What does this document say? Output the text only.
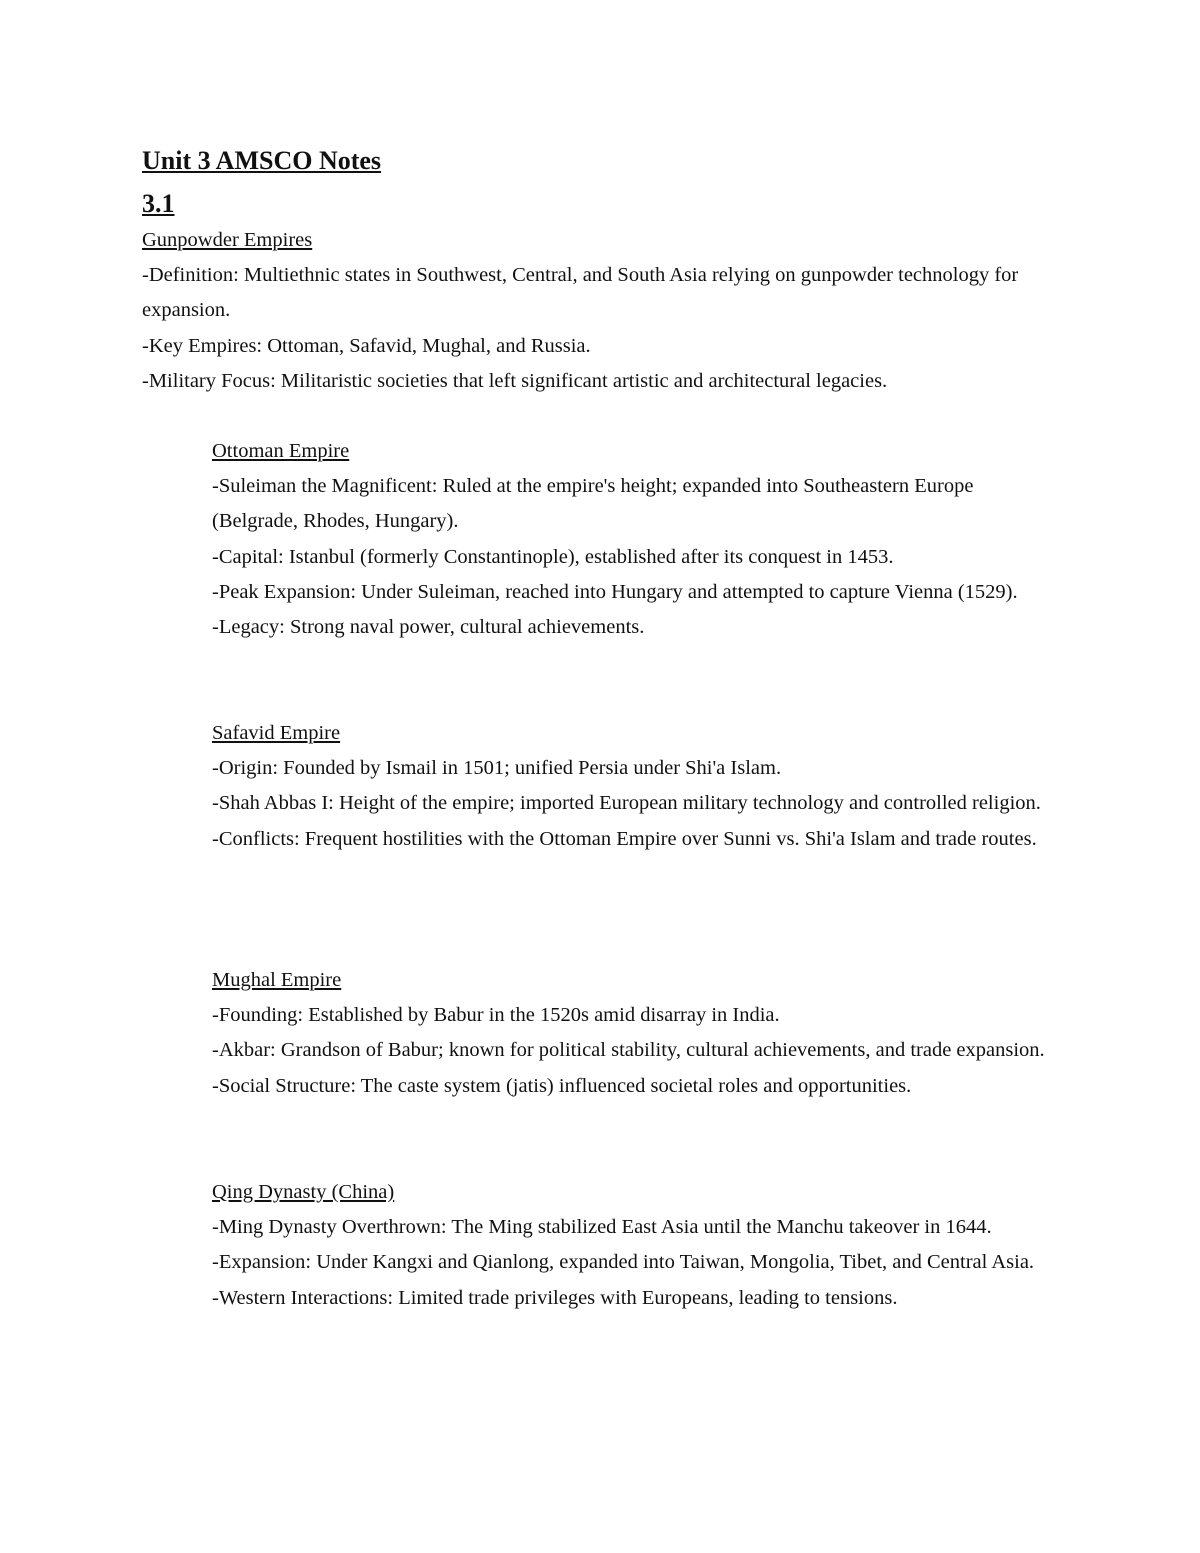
Unit 3 AMSCO Notes
3.1
Gunpowder Empires
-Definition: Multiethnic states in Southwest, Central, and South Asia relying on gunpowder technology for expansion.
-Key Empires: Ottoman, Safavid, Mughal, and Russia.
-Military Focus: Militaristic societies that left significant artistic and architectural legacies.
Ottoman Empire
-Suleiman the Magnificent: Ruled at the empire's height; expanded into Southeastern Europe (Belgrade, Rhodes, Hungary).
-Capital: Istanbul (formerly Constantinople), established after its conquest in 1453.
-Peak Expansion: Under Suleiman, reached into Hungary and attempted to capture Vienna (1529).
-Legacy: Strong naval power, cultural achievements.
Safavid Empire
-Origin: Founded by Ismail in 1501; unified Persia under Shi'a Islam.
-Shah Abbas I: Height of the empire; imported European military technology and controlled religion.
-Conflicts: Frequent hostilities with the Ottoman Empire over Sunni vs. Shi'a Islam and trade routes.
Mughal Empire
-Founding: Established by Babur in the 1520s amid disarray in India.
-Akbar: Grandson of Babur; known for political stability, cultural achievements, and trade expansion.
-Social Structure: The caste system (jatis) influenced societal roles and opportunities.
Qing Dynasty (China)
-Ming Dynasty Overthrown: The Ming stabilized East Asia until the Manchu takeover in 1644.
-Expansion: Under Kangxi and Qianlong, expanded into Taiwan, Mongolia, Tibet, and Central Asia.
-Western Interactions: Limited trade privileges with Europeans, leading to tensions.
